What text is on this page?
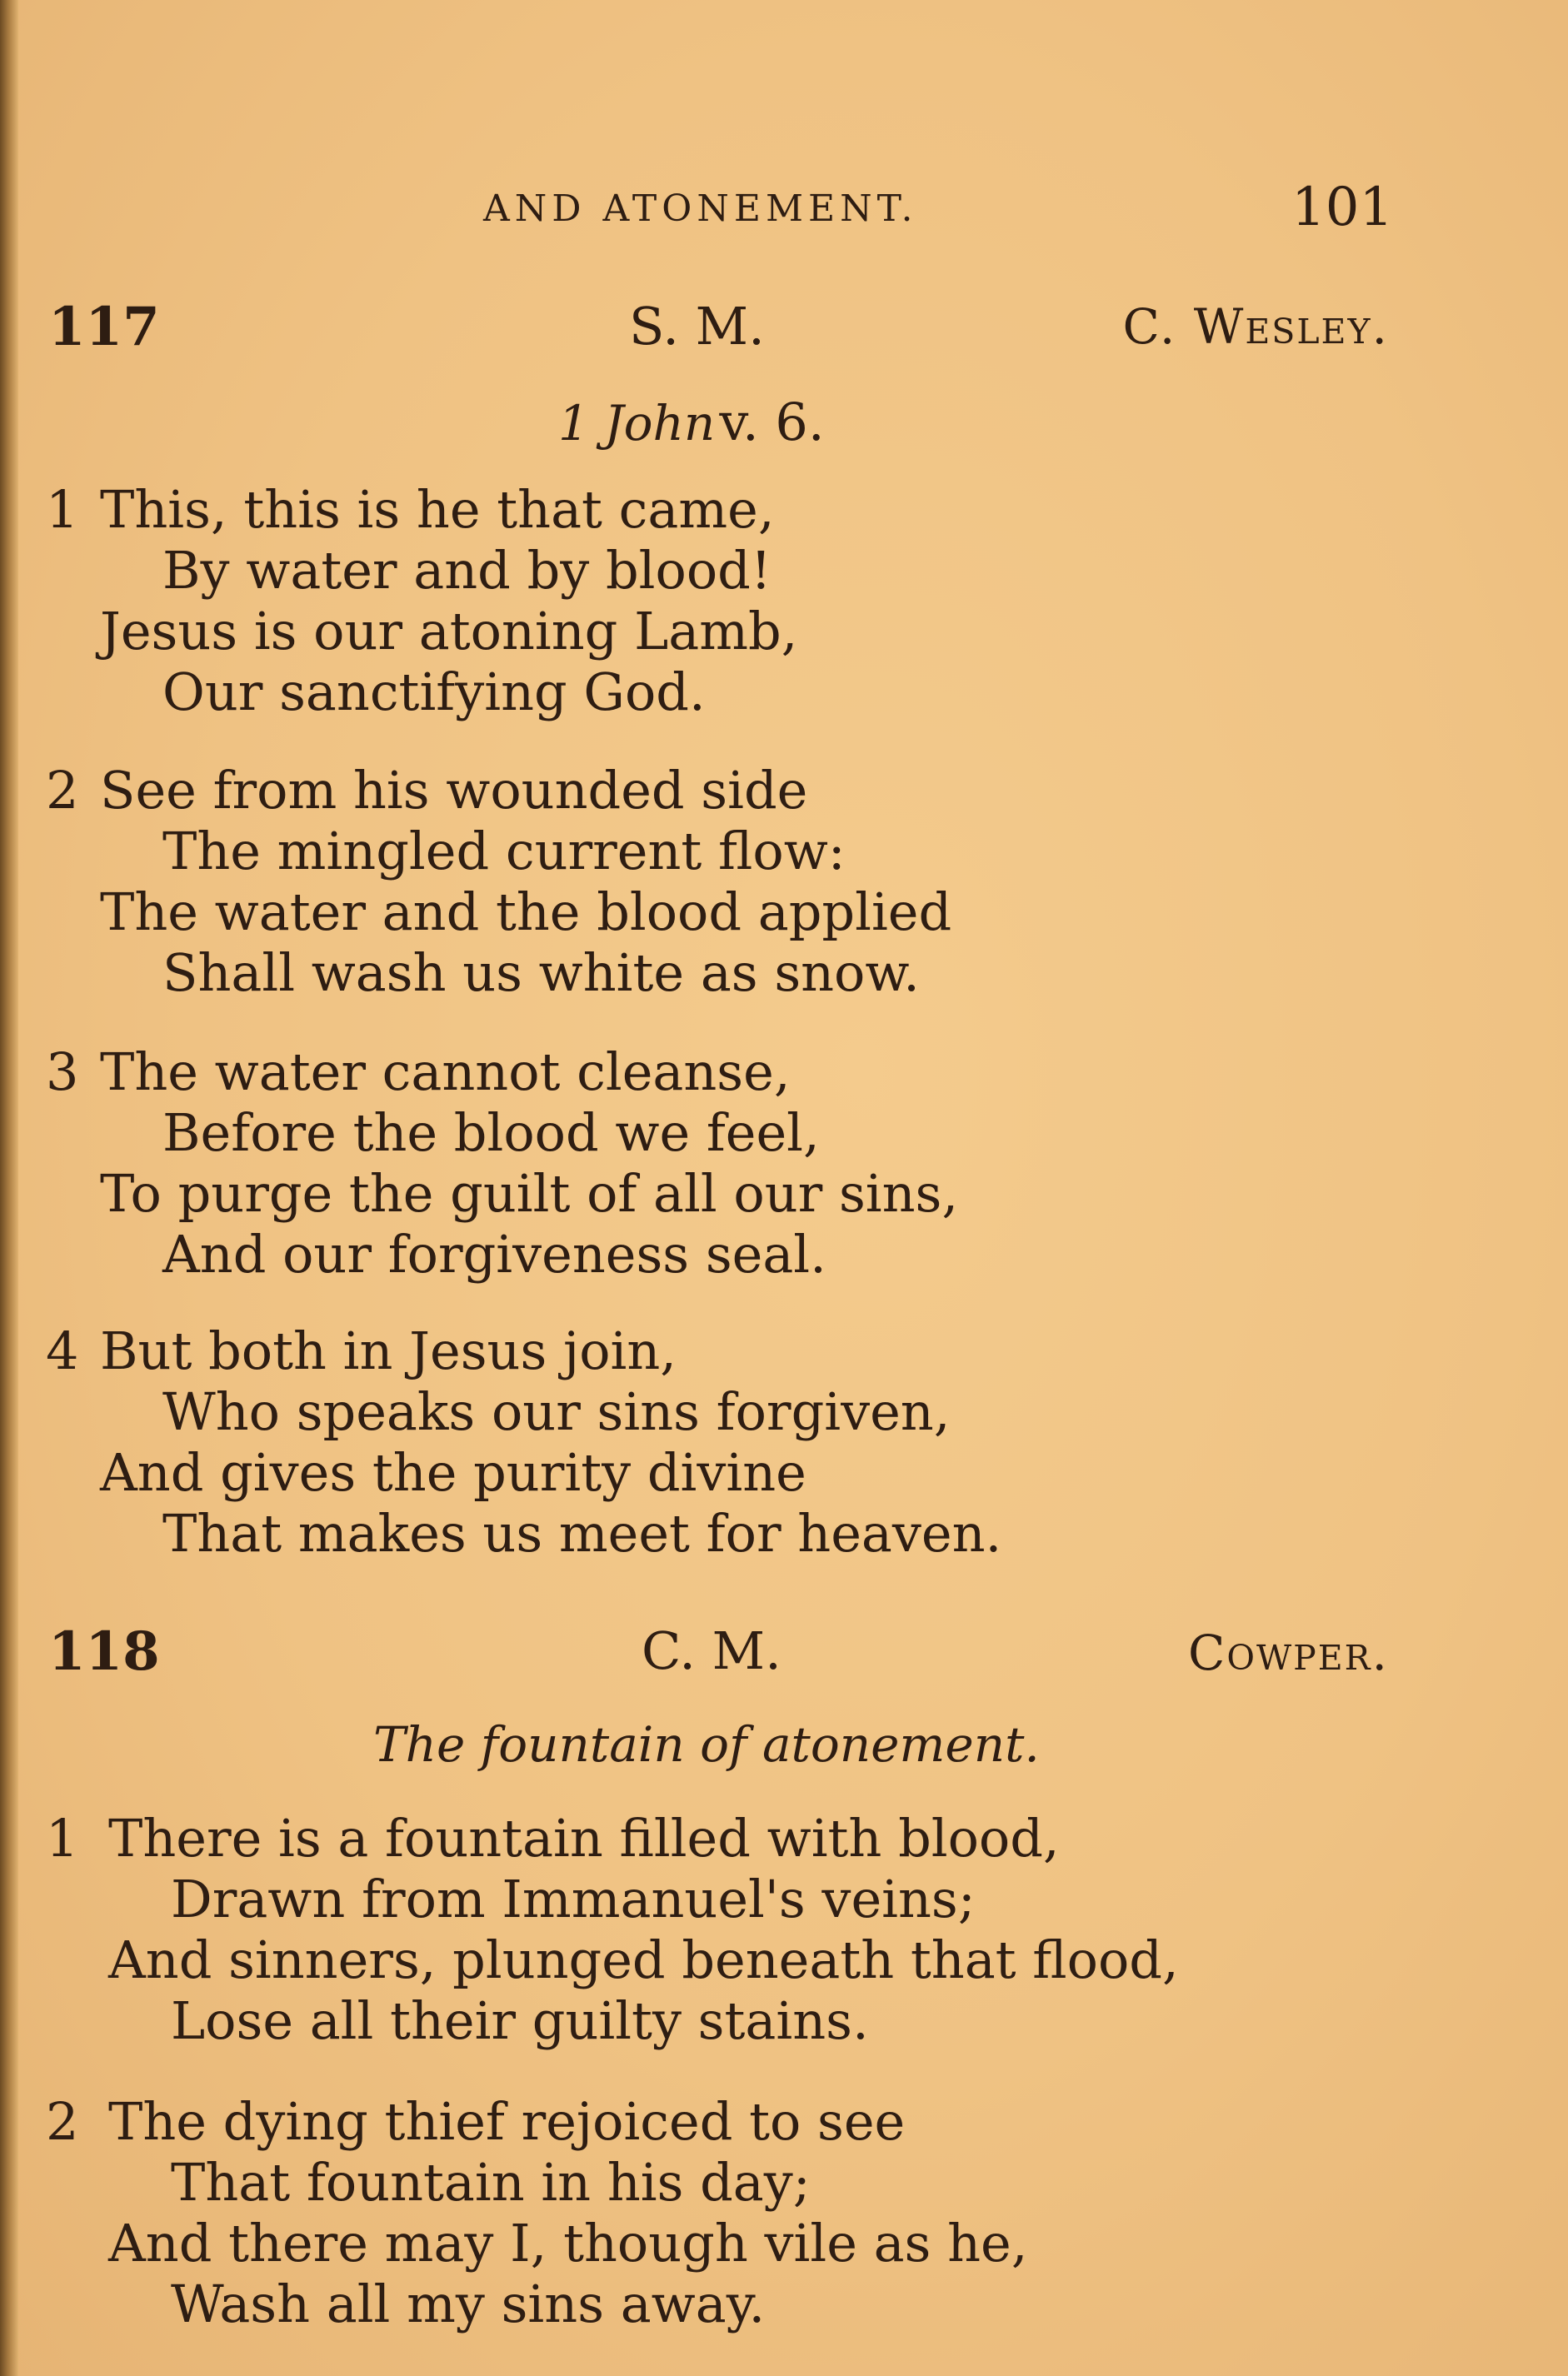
AND ATONEMENT.	101
117	S. M.	C. Wesley.
1 John v. 6.
1 This, this is he that came,
By water and by blood!
Jesus is our atoning Lamb,
Our sanctifying God.
2 See from his wounded side
The mingled current flow:
The water and the blood applied
Shall wash us white as snow.
3 The water cannot cleanse,
Before the blood we feel,
To purge the guilt of all our sins,
And our forgiveness seal.
4 But both in Jesus join,
Who speaks our sins forgiven,
And gives the purity divine
That makes us meet for heaven.
118	C. M.	Cowper.
The fountain of atonement.
1 There is a fountain filled with blood,
Drawn from Immanuel's veins;
And sinners, plunged beneath that flood,
Lose all their guilty stains.
2 The dying thief rejoiced to see
That fountain in his day;
And there may I, though vile as he,
Wash all my sins away.
